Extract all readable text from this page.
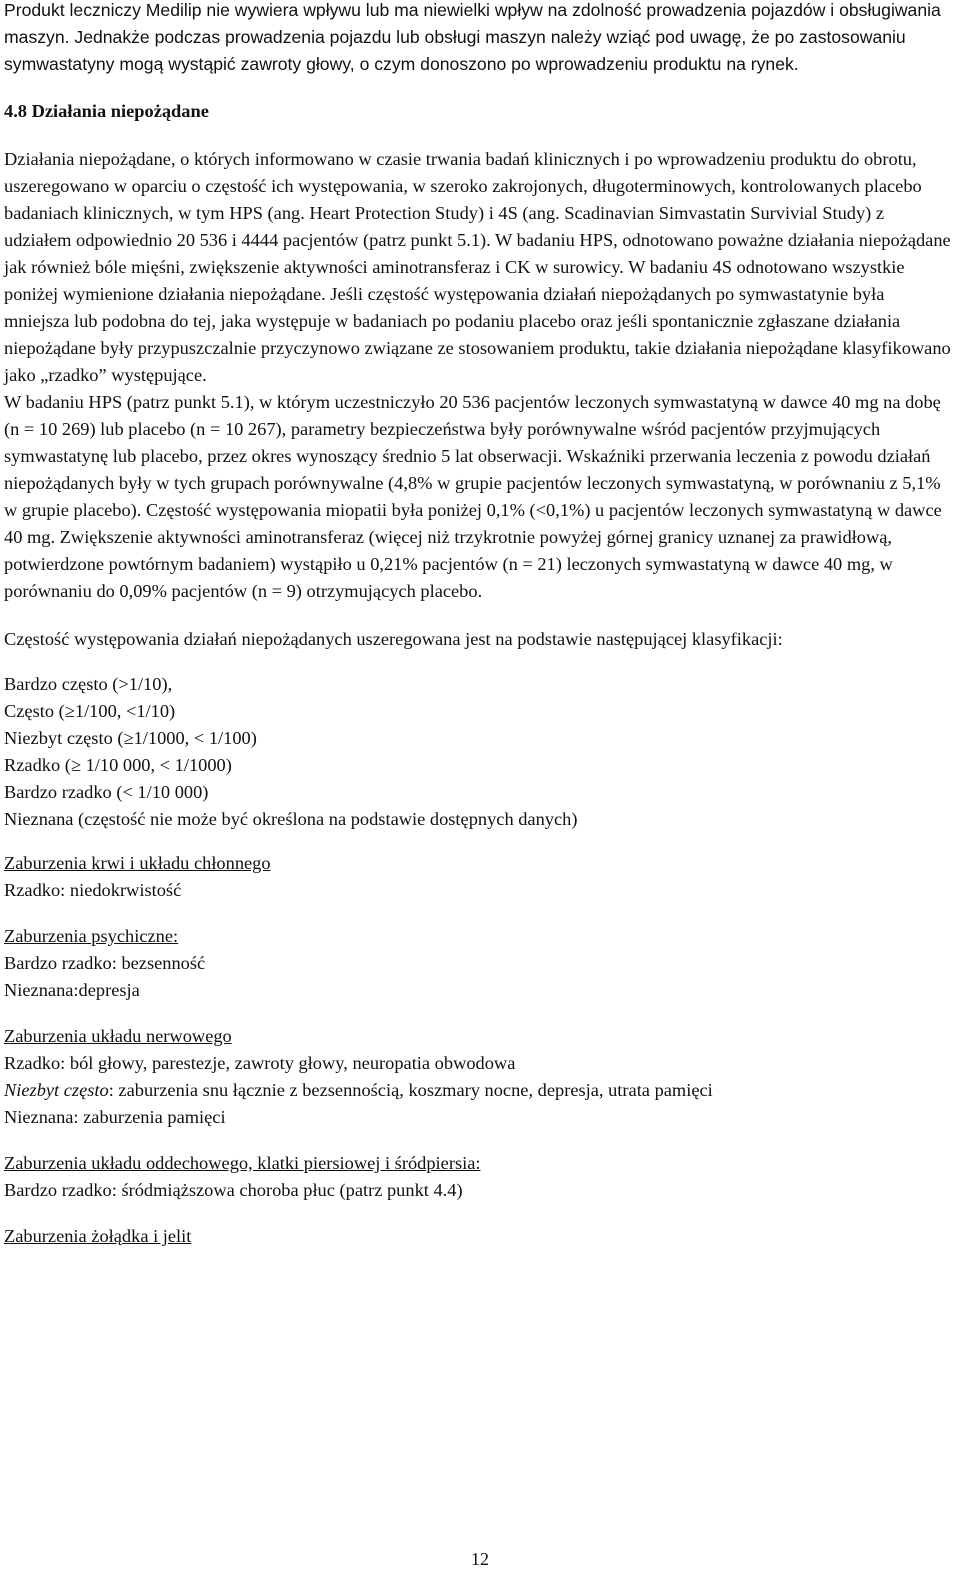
Produkt leczniczy Medilip nie wywiera wpływu lub ma niewielki wpływ na zdolność prowadzenia pojazdów i obsługiwania maszyn. Jednakże podczas prowadzenia pojazdu lub obsługi maszyn należy wziąć pod uwagę, że po zastosowaniu symwastatyny mogą wystąpić zawroty głowy, o czym donoszono po wprowadzeniu produktu na rynek.

4.8 Działania niepożądane

Działania niepożądane, o których informowano w czasie trwania badań klinicznych i po wprowadzeniu produktu do obrotu, uszeregowano w oparciu o częstość ich występowania, w szeroko zakrojonych, długoterminowych, kontrolowanych placebo badaniach klinicznych, w tym HPS (ang. Heart Protection Study) i 4S (ang. Scadinavian Simvastatin Survivial Study) z udziałem odpowiednio 20 536 i 4444 pacjentów (patrz punkt 5.1). W badaniu HPS, odnotowano poważne działania niepożądane jak również bóle mięśni, zwiększenie aktywności aminotransferaz i CK w surowicy. W badaniu 4S odnotowano wszystkie poniżej wymienione działania niepożądane. Jeśli częstość występowania działań niepożądanych po symwastatynie była mniejsza lub podobna do tej, jaka występuje w badaniach po podaniu placebo oraz jeśli spontanicznie zgłaszane działania niepożądane były przypuszczalnie przyczynowo związane ze stosowaniem produktu, takie działania niepożądane klasyfikowano jako „rzadko” występujące.

W badaniu HPS (patrz punkt 5.1), w którym uczestniczyło 20 536 pacjentów leczonych symwastatyną w dawce 40 mg na dobę (n = 10 269) lub placebo (n = 10 267), parametry bezpieczeństwa były porównywalne wśród pacjentów przyjmujących symwastatynę lub placebo, przez okres wynoszący średnio 5 lat obserwacji. Wskaźniki przerwania leczenia z powodu działań niepożądanych były w tych grupach porównywalne (4,8% w grupie pacjentów leczonych symwastatyną, w porównaniu z 5,1% w grupie placebo). Częstość występowania miopatii była poniżej 0,1% (<0,1%) u pacjentów leczonych symwastatyną w dawce 40 mg. Zwiększenie aktywności aminotransferaz (więcej niż trzykrotnie powyżej górnej granicy uznanej za prawidłową, potwierdzone powtórnym badaniem) wystąpiło u 0,21% pacjentów (n = 21) leczonych symwastatyną w dawce 40 mg, w porównaniu do 0,09% pacjentów (n = 9) otrzymujących placebo.

Częstość występowania działań niepożądanych uszeregowana jest na podstawie następującej klasyfikacji:

Bardzo często (>1/10),
Często (≥1/100, <1/10)
Niezbyt często (≥1/1000, < 1/100)
Rzadko (≥ 1/10 000, < 1/1000)
Bardzo rzadko (< 1/10 000)
Nieznana (częstość nie może być określona na podstawie dostępnych danych)

Zaburzenia krwi i układu chłonnego

Rzadko: niedokrwistość

Zaburzenia psychiczne:

Bardzo rzadko: bezsenność

Nieznana:depresja

Zaburzenia układu nerwowego

Rzadko: ból głowy, parestezje, zawroty głowy, neuropatia obwodowa

Niezbyt często: zaburzenia snu łącznie z bezsennością, koszmary nocne, depresja, utrata pamięci

Nieznana: zaburzenia pamięci

Zaburzenia układu oddechowego, klatki piersiowej i śródpiersia:

Bardzo rzadko: śródmiąższowa choroba płuc (patrz punkt 4.4)

Zaburzenia żołądka i jelit

12
